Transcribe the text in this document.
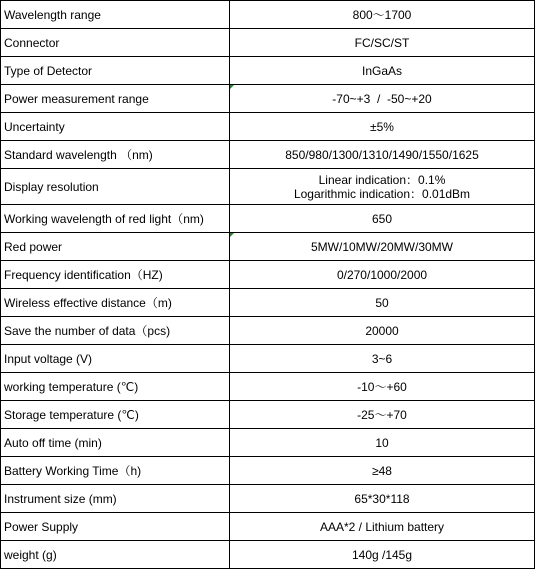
Wavelength range	800～1700
Connector	FC/SC/ST
Type of Detector	InGaAs
Power measurement range	-70~+3  /  -50~+20
Uncertainty	±5%
Standard wavelength （nm)	850/980/1300/1310/1490/1550/1625
Display resolution	Linear indication：0.1%
Logarithmic indication：0.01dBm

Working wavelength of red light（nm)	650
Red power	5MW/10MW/20MW/30MW
Frequency identification（HZ)	0/270/1000/2000
Wireless effective distance（m)	50
Save the number of data（pcs)	20000
Input voltage (V)	3~6
working temperature (℃)	-10～+60
Storage temperature (℃)	-25～+70
Auto off time (min)	10
Battery Working Time（h)	≥48
Instrument size (mm)	65*30*118
Power Supply	AAA*2 / Lithium battery
weight (g)	140g /145g
